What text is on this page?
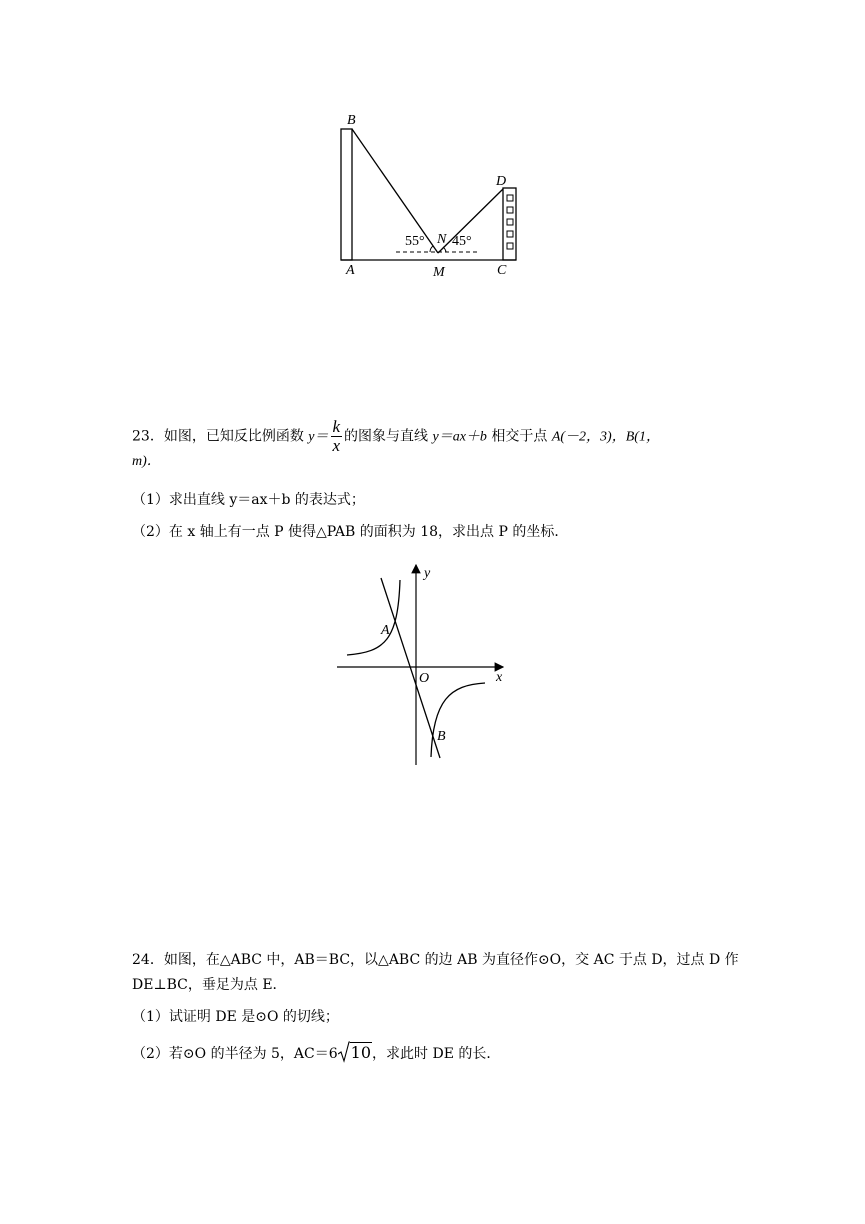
B
D
N
A	M	C
55° 45°
23．如图，已知反比例函数 $y= \frac{k}{x}$ 的图象与直线 y＝ax＋b 相交于点 A(－2，3)，B(1，
m)．
（1）求出直线 y＝ax＋b 的表达式；
（2）在 x 轴上有一点 P 使得△PAB 的面积为 18，求出点 P 的坐标．
y
x
O
A
B
24．如图，在△ABC 中，AB＝BC，以△ABC 的边 AB 为直径作⊙O，交 AC 于点 D，过点 D 作
DE⊥BC，垂足为点 E．
（1）试证明 DE 是⊙O 的切线；
（2）若⊙O 的半径为 5，AC＝6 10，求此时 DE 的长．
